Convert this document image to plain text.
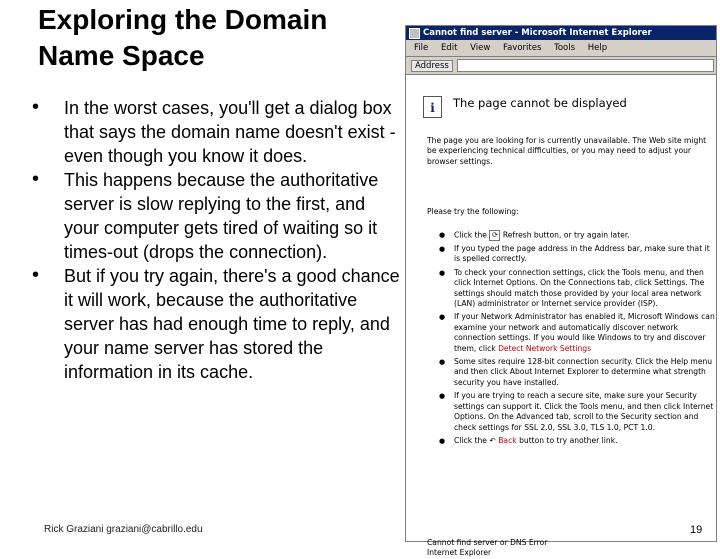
Exploring the Domain
Name Space
• In the worst cases, you'll get a dialog box that says the domain name doesn't exist - even though you know it does.
• This happens because the authoritative server is slow replying to the first, and your computer gets tired of waiting so it times-out (drops the connection).
• But if you try again, there's a good chance it will work, because the authoritative server has had enough time to reply, and your name server has stored the information in its cache.
Rick Graziani graziani@cabrillo.edu
Cannot find server - Microsoft Internet Explorer
File Edit View Favorites Tools Help
Address
i	The page cannot be displayed

The page you are looking for is currently unavailable. The Web site might be experiencing technical difficulties, or you may need to adjust your browser settings.

Please try the following:

● Click the ⟳ Refresh button, or try again later.
● If you typed the page address in the Address bar, make sure that it is spelled correctly.
● To check your connection settings, click the Tools menu, and then click Internet Options. On the Connections tab, click Settings. The settings should match those provided by your local area network (LAN) administrator or Internet service provider (ISP).
● If your Network Administrator has enabled it, Microsoft Windows can examine your network and automatically discover network connection settings. If you would like Windows to try and discover them, click Detect Network Settings
● Some sites require 128-bit connection security. Click the Help menu and then click About Internet Explorer to determine what strength security you have installed.
● If you are trying to reach a secure site, make sure your Security settings can support it. Click the Tools menu, and then click Internet Options. On the Advanced tab, scroll to the Security section and check settings for SSL 2.0, SSL 3.0, TLS 1.0, PCT 1.0.
● Click the ↶ Back button to try another link.

Cannot find server or DNS Error
Internet Explorer

19
